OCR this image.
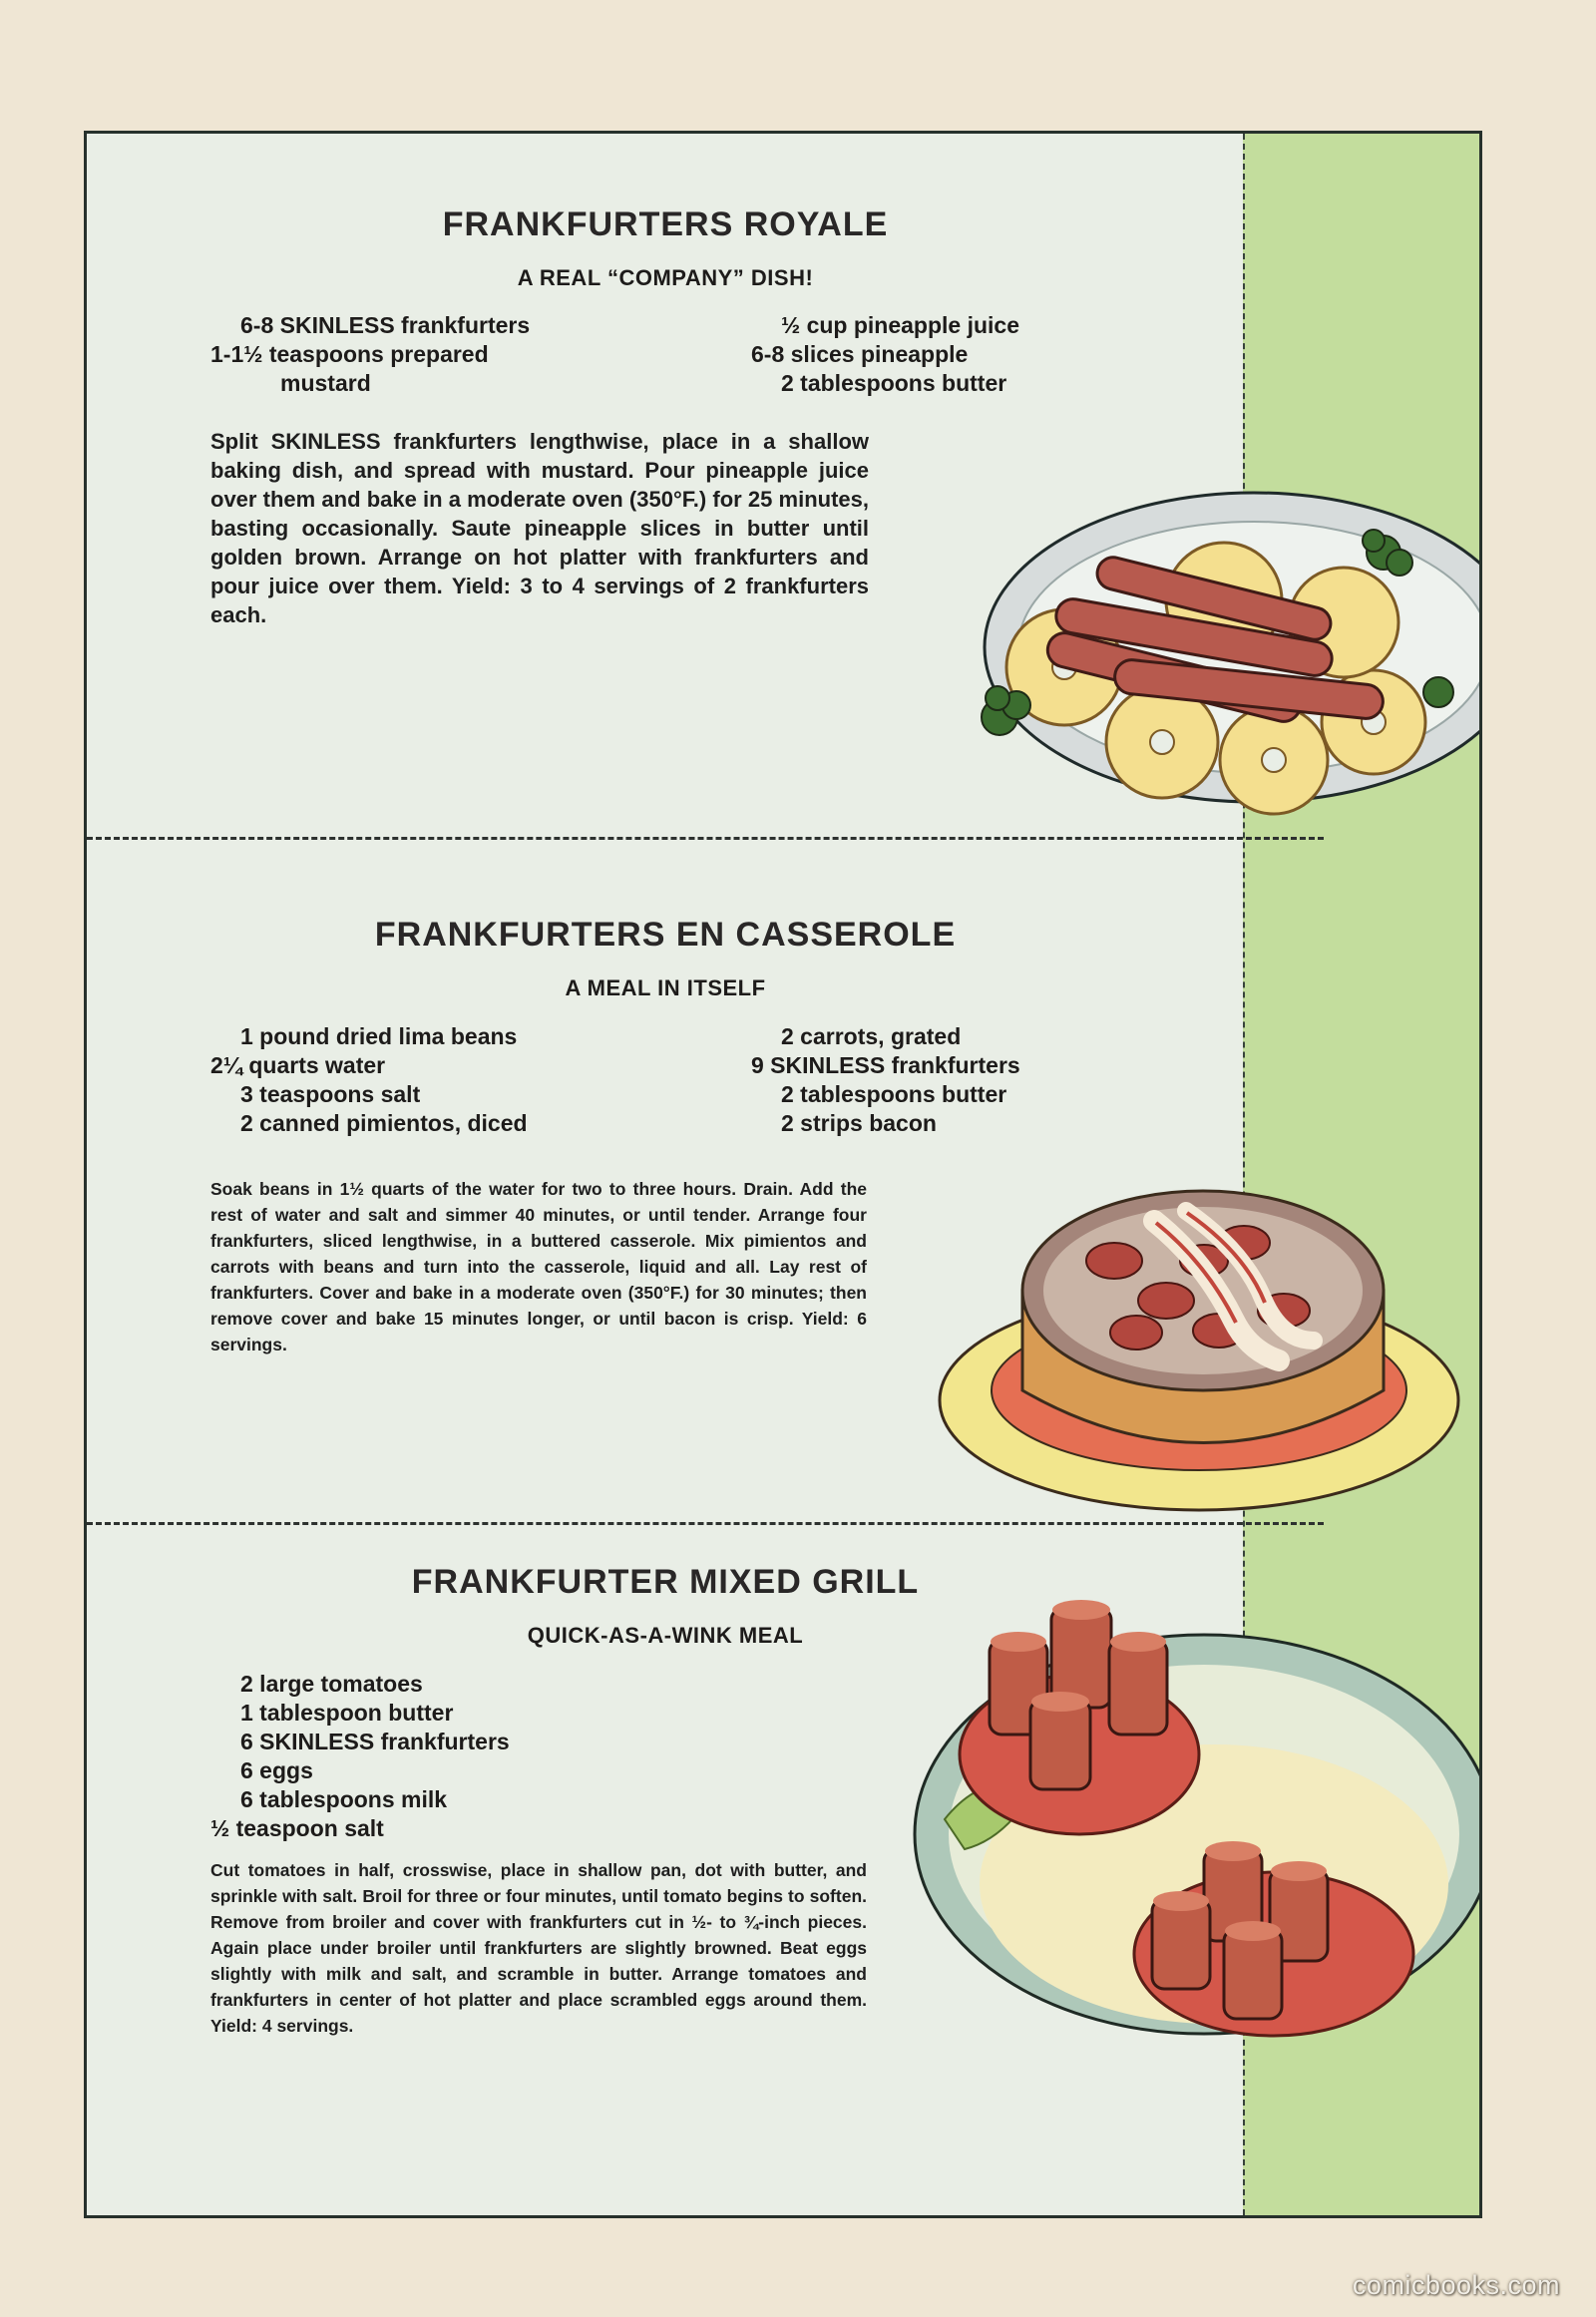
FRANKFURTERS ROYALE
A REAL “COMPANY” DISH!
6-8 SKINLESS frankfurters
1-1½ teaspoons prepared
mustard
½ cup pineapple juice
6-8 slices pineapple
2 tablespoons butter
Split SKINLESS frankfurters lengthwise, place in a shallow baking dish, and spread with mustard. Pour pineapple juice over them and bake in a moderate oven (350°F.) for 25 minutes, basting occasionally. Saute pineapple slices in butter until golden brown. Arrange on hot platter with frankfurters and pour juice over them. Yield: 3 to 4 servings of 2 frankfurters each.
FRANKFURTERS EN CASSEROLE
A MEAL IN ITSELF
1 pound dried lima beans
2¼ quarts water
3 teaspoons salt
2 canned pimientos, diced
2 carrots, grated
9 SKINLESS frankfurters
2 tablespoons butter
2 strips bacon
Soak beans in 1½ quarts of the water for two to three hours. Drain. Add the rest of water and salt and simmer 40 minutes, or until tender. Arrange four frankfurters, sliced lengthwise, in a buttered casserole. Mix pimientos and carrots with beans and turn into the casserole, liquid and all. Lay rest of frankfurters. Cover and bake in a moderate oven (350°F.) for 30 minutes; then remove cover and bake 15 minutes longer, or until bacon is crisp. Yield: 6 servings.
FRANKFURTER MIXED GRILL
QUICK-AS-A-WINK MEAL
2 large tomatoes
1 tablespoon butter
6 SKINLESS frankfurters
6 eggs
6 tablespoons milk
½ teaspoon salt
Cut tomatoes in half, crosswise, place in shallow pan, dot with butter, and sprinkle with salt. Broil for three or four minutes, until tomato begins to soften. Remove from broiler and cover with frankfurters cut in ½- to ¾-inch pieces. Again place under broiler until frankfurters are slightly browned. Beat eggs slightly with milk and salt, and scramble in butter. Arrange tomatoes and frankfurters in center of hot platter and place scrambled eggs around them. Yield: 4 servings.
comicbooks.com
